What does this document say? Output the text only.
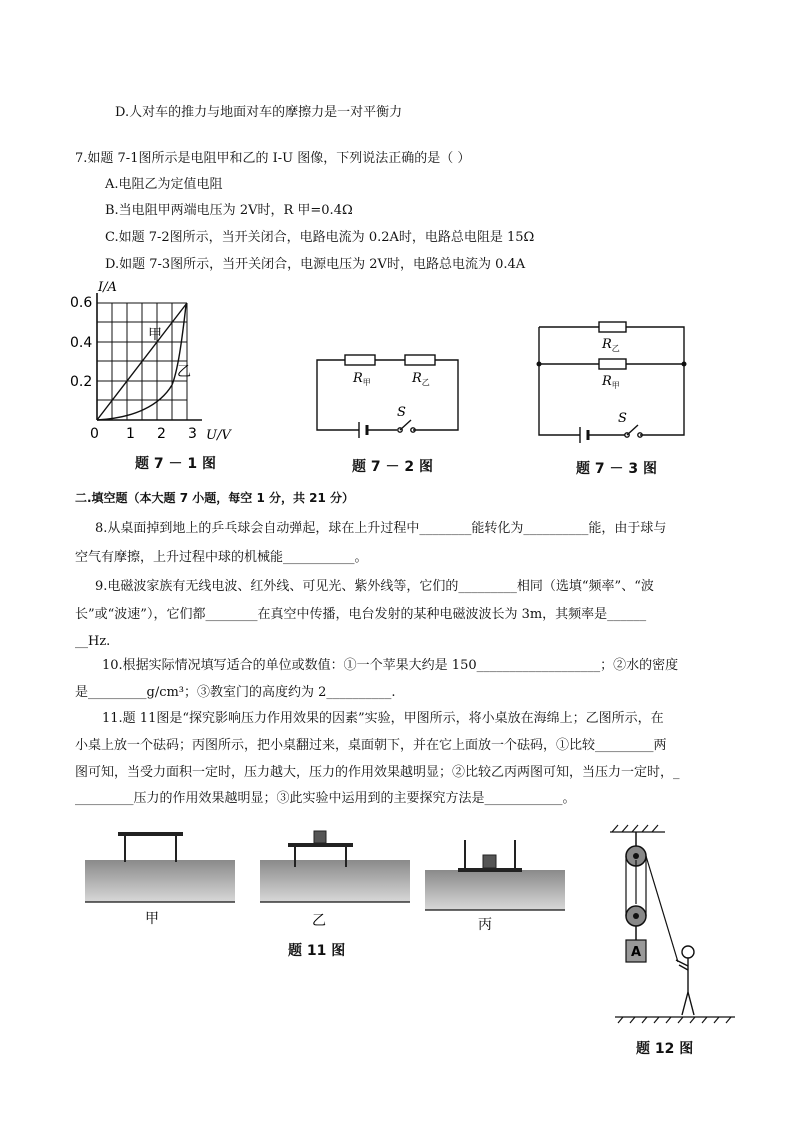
D.人对车的推力与地面对车的摩擦力是一对平衡力
7.如题 7-1图所示是电阻甲和乙的 I-U 图像，下列说法正确的是（ ）
A.电阻乙为定值电阻
B.当电阻甲两端电压为 2V时，R 甲=0.4Ω
C.如题 7-2图所示，当开关闭合，电路电流为 0.2A时，电路总电阻是 15Ω
D.如题 7-3图所示，当开关闭合，电源电压为 2V时，电路总电流为 0.4A
I/A
0.6
0.4
0.2
甲
乙
0 1 2 3 U/V
题 7 － 1 图
$R_甲$	$R_乙$
S
题 7 － 2 图
$R_乙$
$R_甲$
S
题 7 － 3 图
二.填空题（本大题 7 小题，每空 1 分，共 21 分）
8.从桌面掉到地上的乒乓球会自动弹起，球在上升过程中________能转化为__________能，由于球与
空气有摩擦，上升过程中球的机械能___________。
9.电磁波家族有无线电波、红外线、可见光、紫外线等，它们的_________相同（选填“频率”、“波
长”或“波速”），它们都________在真空中传播，电台发射的某种电磁波波长为 3m，其频率是______
__Hz.
10.根据实际情况填写适合的单位或数值：①一个苹果大约是 150___________________；②水的密度
是_________g/cm³；③教室门的高度约为 2__________.
11.题 11图是“探究影响压力作用效果的因素”实验，甲图所示，将小桌放在海绵上；乙图所示，在
小桌上放一个砝码；丙图所示，把小桌翻过来，桌面朝下，并在它上面放一个砝码，①比较_________两
图可知，当受力面积一定时，压力越大，压力的作用效果越明显；②比较乙丙两图可知，当压力一定时，_
_________压力的作用效果越明显；③此实验中运用到的主要探究方法是____________。
甲	乙	丙
题 11 图	A
题 12 图
